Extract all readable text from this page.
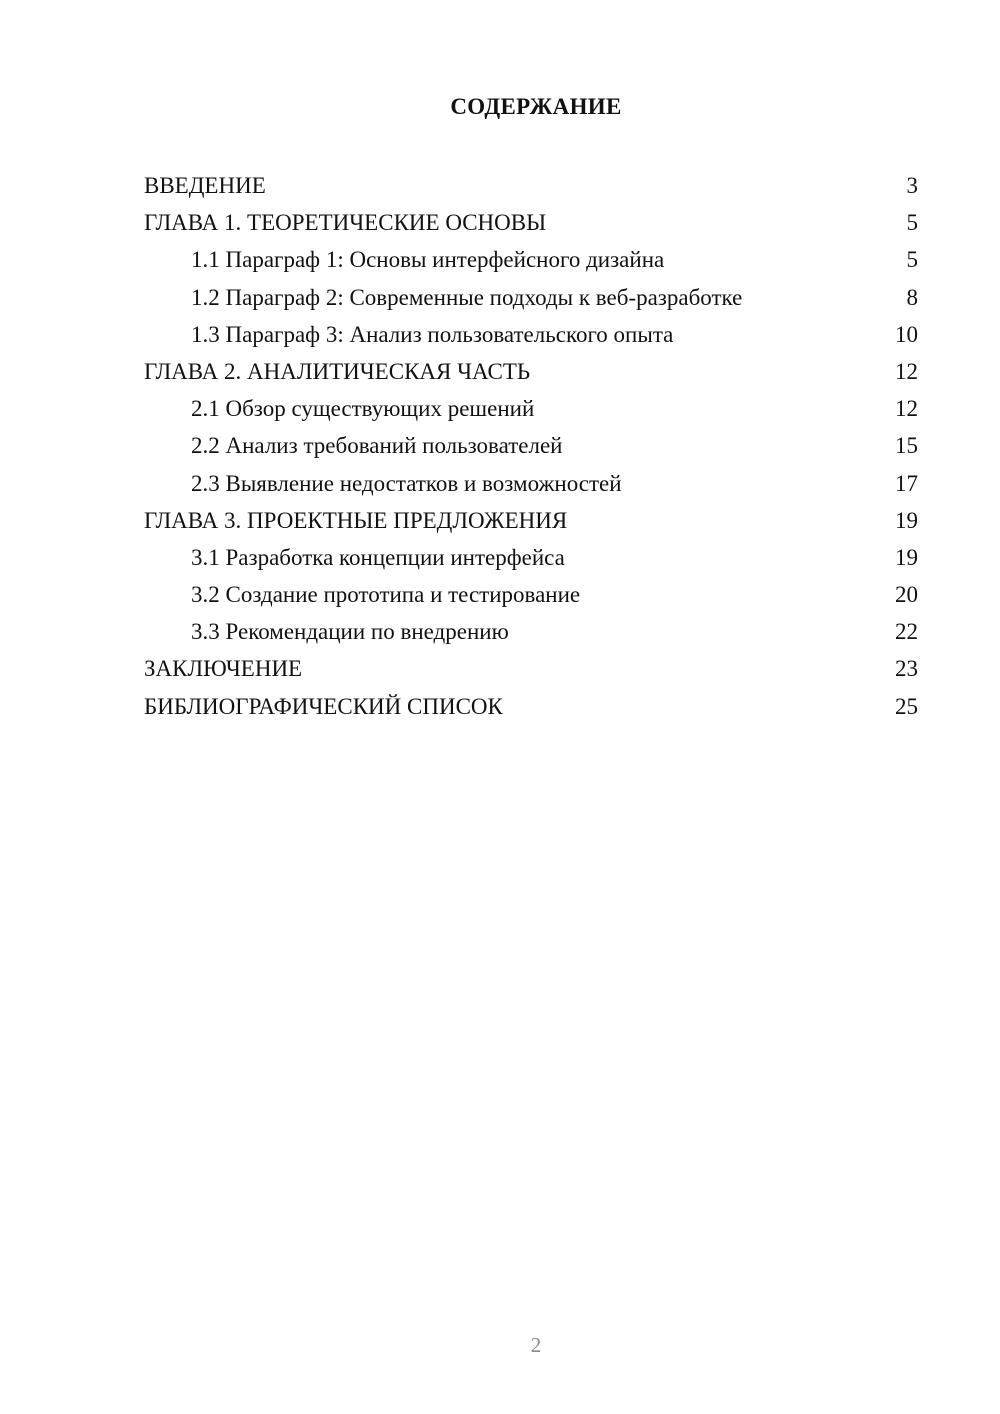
СОДЕРЖАНИЕ
ВВЕДЕНИЕ	3
ГЛАВА 1. ТЕОРЕТИЧЕСКИЕ ОСНОВЫ	5
1.1 Параграф 1: Основы интерфейсного дизайна	5
1.2 Параграф 2: Современные подходы к веб-разработке	8
1.3 Параграф 3: Анализ пользовательского опыта	10
ГЛАВА 2. АНАЛИТИЧЕСКАЯ ЧАСТЬ	12
2.1 Обзор существующих решений	12
2.2 Анализ требований пользователей	15
2.3 Выявление недостатков и возможностей	17
ГЛАВА 3. ПРОЕКТНЫЕ ПРЕДЛОЖЕНИЯ	19
3.1 Разработка концепции интерфейса	19
3.2 Создание прототипа и тестирование	20
3.3 Рекомендации по внедрению	22
ЗАКЛЮЧЕНИЕ	23
БИБЛИОГРАФИЧЕСКИЙ СПИСОК	25
2
